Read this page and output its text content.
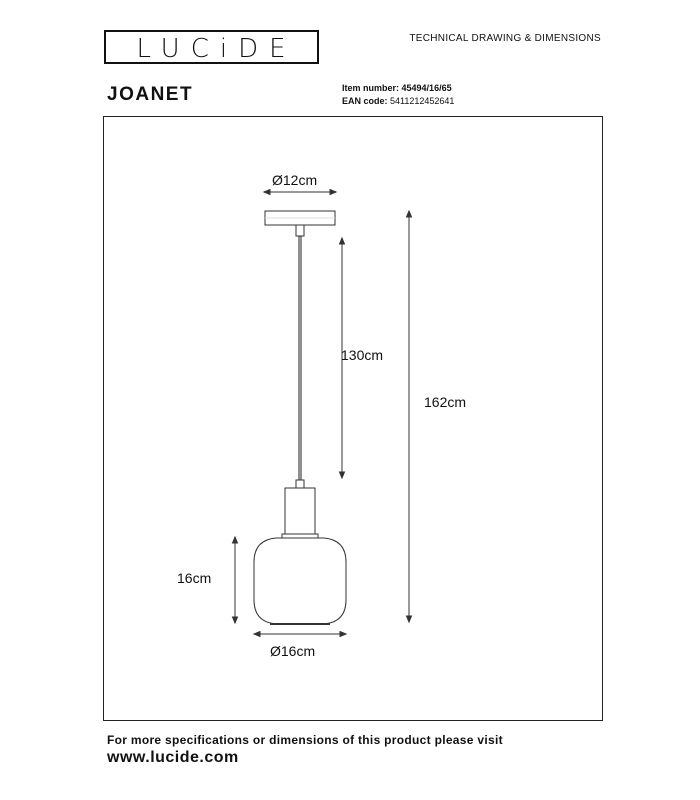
LUCiDE	TECHNICAL DRAWING & DIMENSIONS
JOANET	Item number: 45494/16/65
EAN code: 5411212452641
Ø12cm
130cm
162cm
16cm
Ø16cm
For more specifications or dimensions of this product please visit
www.lucide.com
